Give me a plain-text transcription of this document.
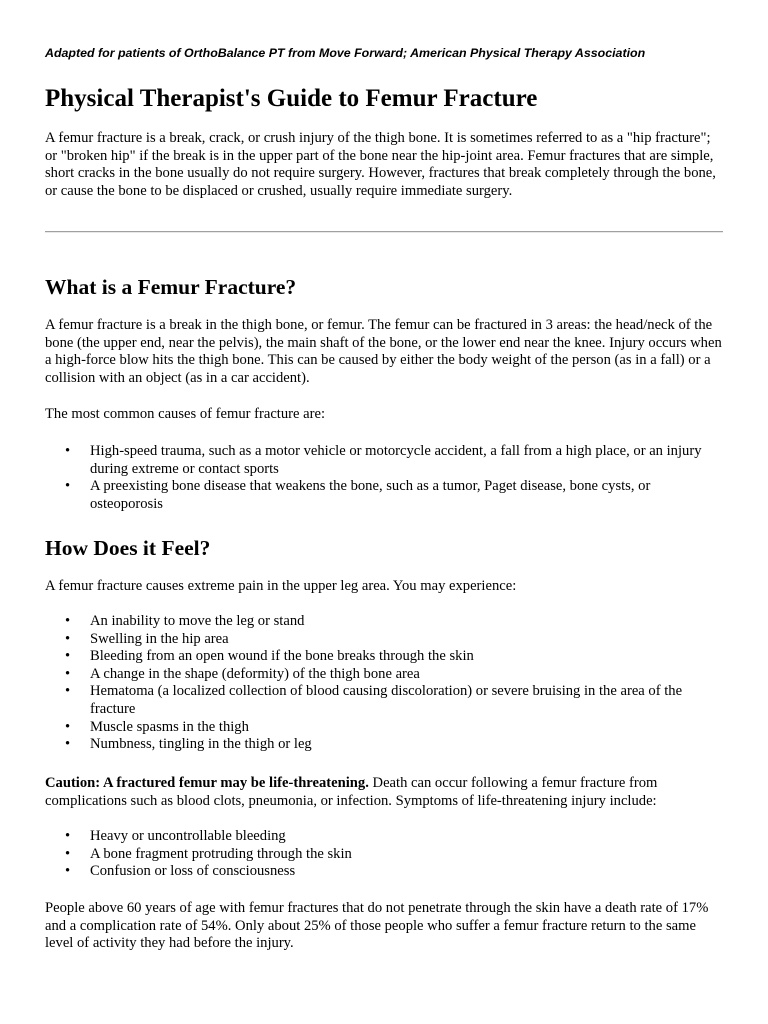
Adapted for patients of OrthoBalance PT from Move Forward; American Physical Therapy Association
Physical Therapist's Guide to Femur Fracture

A femur fracture is a break, crack, or crush injury of the thigh bone. It is sometimes referred to as a "hip fracture"; or "broken hip" if the break is in the upper part of the bone near the hip-joint area. Femur fractures that are simple, short cracks in the bone usually do not require surgery. However, fractures that break completely through the bone, or cause the bone to be displaced or crushed, usually require immediate surgery.

What is a Femur Fracture?

A femur fracture is a break in the thigh bone, or femur. The femur can be fractured in 3 areas: the head/neck of the bone (the upper end, near the pelvis), the main shaft of the bone, or the lower end near the knee. Injury occurs when a high-force blow hits the thigh bone. This can be caused by either the body weight of the person (as in a fall) or a collision with an object (as in a car accident).

The most common causes of femur fracture are:

• High-speed trauma, such as a motor vehicle or motorcycle accident, a fall from a high place, or an injury during extreme or contact sports
• A preexisting bone disease that weakens the bone, such as a tumor, Paget disease, bone cysts, or osteoporosis
How Does it Feel?

A femur fracture causes extreme pain in the upper leg area. You may experience:

• An inability to move the leg or stand
• Swelling in the hip area
• Bleeding from an open wound if the bone breaks through the skin
• A change in the shape (deformity) of the thigh bone area
• Hematoma (a localized collection of blood causing discoloration) or severe bruising in the area of the fracture
• Muscle spasms in the thigh
• Numbness, tingling in the thigh or leg

Caution: A fractured femur may be life-threatening. Death can occur following a femur fracture from complications such as blood clots, pneumonia, or infection. Symptoms of life-threatening injury include:

• Heavy or uncontrollable bleeding
• A bone fragment protruding through the skin
• Confusion or loss of consciousness

People above 60 years of age with femur fractures that do not penetrate through the skin have a death rate of 17% and a complication rate of 54%. Only about 25% of those people who suffer a femur fracture return to the same level of activity they had before the injury.
